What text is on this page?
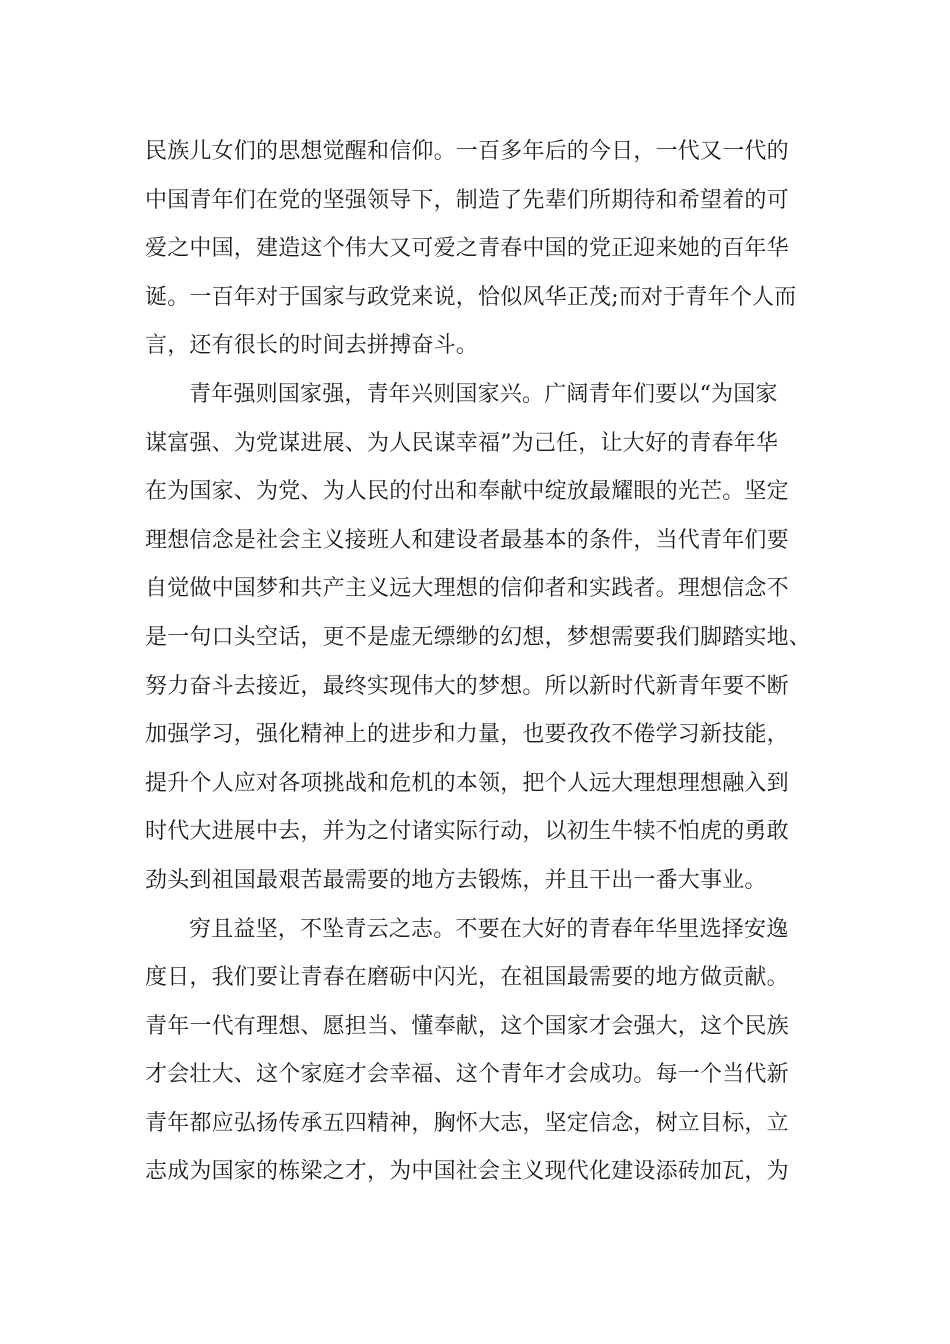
民族儿女们的思想觉醒和信仰。一百多年后的今日，一代又一代的
中国青年们在党的坚强领导下，制造了先辈们所期待和希望着的可
爱之中国，建造这个伟大又可爱之青春中国的党正迎来她的百年华
诞。一百年对于国家与政党来说，恰似风华正茂;而对于青年个人而
言，还有很长的时间去拼搏奋斗。
青年强则国家强，青年兴则国家兴。广阔青年们要以“为国家
谋富强、为党谋进展、为人民谋幸福”为己任，让大好的青春年华
在为国家、为党、为人民的付出和奉献中绽放最耀眼的光芒。坚定
理想信念是社会主义接班人和建设者最基本的条件，当代青年们要
自觉做中国梦和共产主义远大理想的信仰者和实践者。理想信念不
是一句口头空话，更不是虚无缥缈的幻想，梦想需要我们脚踏实地、
努力奋斗去接近，最终实现伟大的梦想。所以新时代新青年要不断
加强学习，强化精神上的进步和力量，也要孜孜不倦学习新技能，
提升个人应对各项挑战和危机的本领，把个人远大理想理想融入到
时代大进展中去，并为之付诸实际行动，以初生牛犊不怕虎的勇敢
劲头到祖国最艰苦最需要的地方去锻炼，并且干出一番大事业。
穷且益坚，不坠青云之志。不要在大好的青春年华里选择安逸
度日，我们要让青春在磨砺中闪光，在祖国最需要的地方做贡献。
青年一代有理想、愿担当、懂奉献，这个国家才会强大，这个民族
才会壮大、这个家庭才会幸福、这个青年才会成功。每一个当代新
青年都应弘扬传承五四精神，胸怀大志，坚定信念，树立目标，立
志成为国家的栋梁之才，为中国社会主义现代化建设添砖加瓦，为
